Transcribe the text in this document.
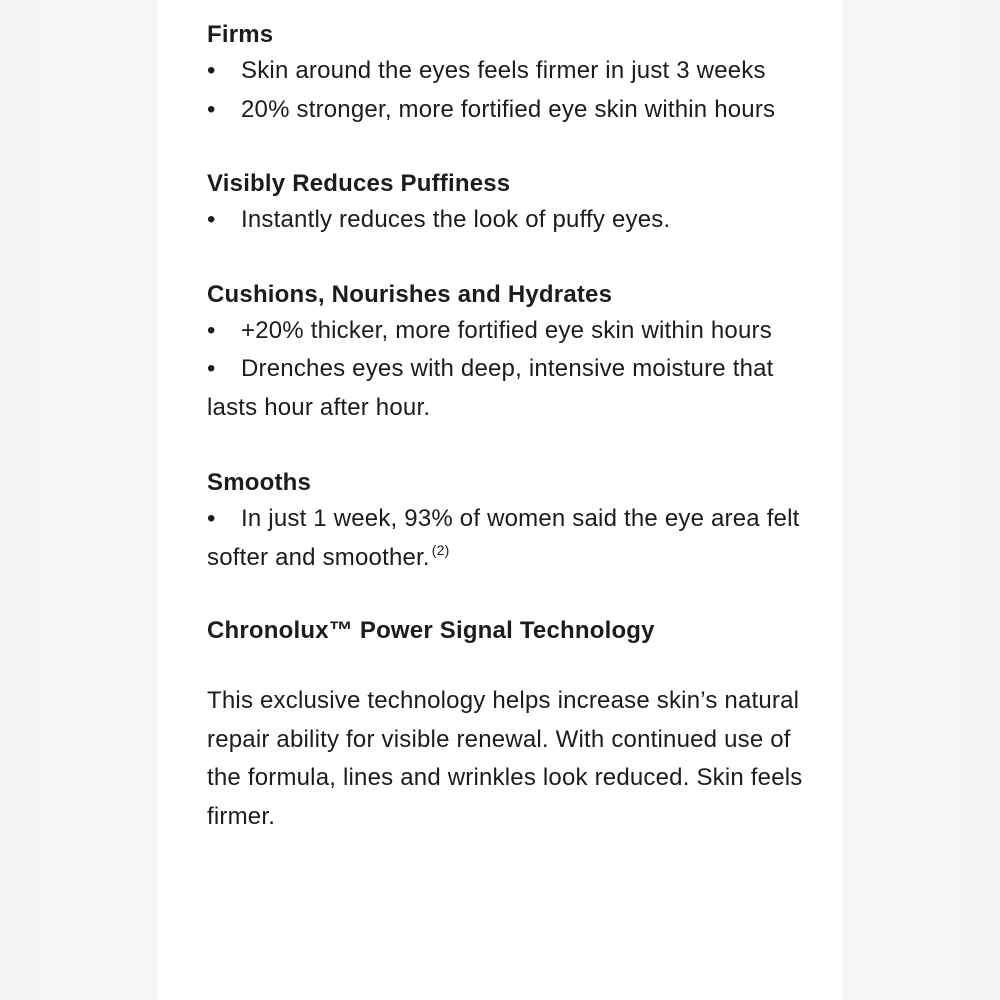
Firms

• Skin around the eyes feels firmer in just 3 weeks

• 20% stronger, more fortified eye skin within hours

Visibly Reduces Puffiness

• Instantly reduces the look of puffy eyes.

Cushions, Nourishes and Hydrates

• +20% thicker, more fortified eye skin within hours

• Drenches eyes with deep, intensive moisture that lasts hour after hour.

Smooths

• In just 1 week, 93% of women said the eye area felt softer and smoother. $^{(2)}$

Chronolux™ Power Signal Technology

This exclusive technology helps increase skin’s natural repair ability for visible renewal. With continued use of the formula, lines and wrinkles look reduced. Skin feels firmer.
